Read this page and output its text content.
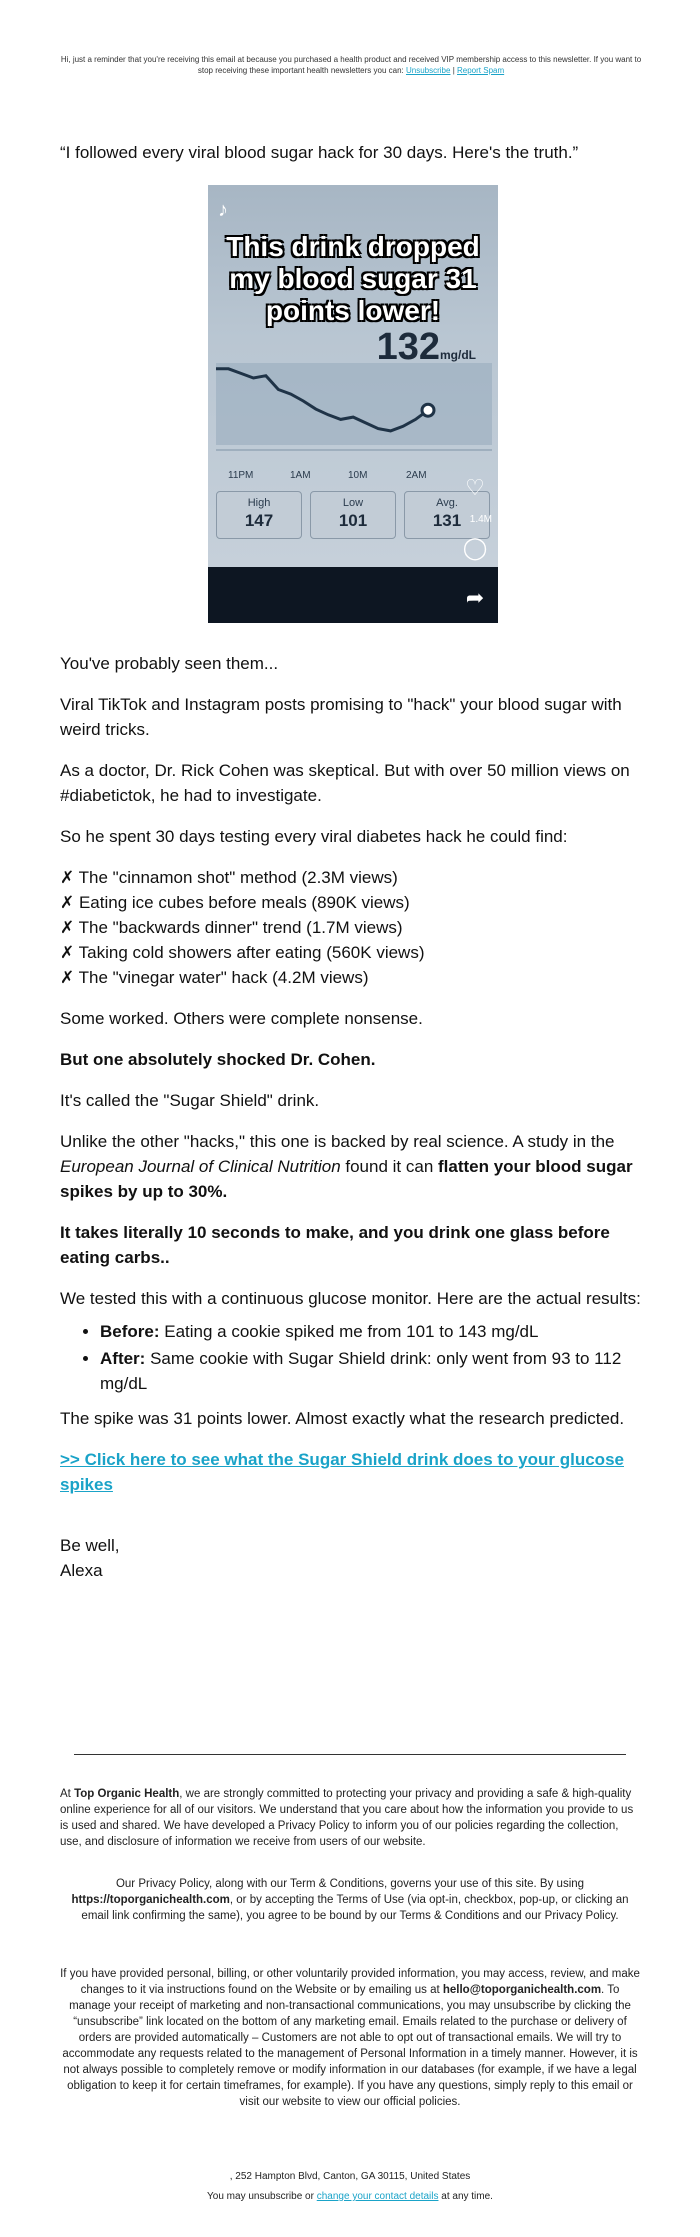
Hi, just a reminder that you're receiving this email at because you purchased a health product and received VIP membership access to this newsletter. If you want to stop receiving these important health newsletters you can: Unsubscribe | Report Spam

“I followed every viral blood sugar hack for 30 days. Here's the truth.”

♪
This drink dropped my blood sugar 31 points lower!
132mg/dL
11PM	1AM	10M	2AM
High
147
Low
101
Avg.
131
♡
1.4M
◯
➦

You've probably seen them...

Viral TikTok and Instagram posts promising to "hack" your blood sugar with weird tricks.

As a doctor, Dr. Rick Cohen was skeptical. But with over 50 million views on #diabetictok, he had to investigate.

So he spent 30 days testing every viral diabetes hack he could find:

✗ The "cinnamon shot" method (2.3M views)
✗ Eating ice cubes before meals (890K views)
✗ The "backwards dinner" trend (1.7M views)
✗ Taking cold showers after eating (560K views)
✗ The "vinegar water" hack (4.2M views)

Some worked. Others were complete nonsense.

But one absolutely shocked Dr. Cohen.

It's called the "Sugar Shield" drink.

Unlike the other "hacks," this one is backed by real science. A study in the European Journal of Clinical Nutrition found it can flatten your blood sugar spikes by up to 30%.

It takes literally 10 seconds to make, and you drink one glass before eating carbs..

We tested this with a continuous glucose monitor. Here are the actual results:

• Before: Eating a cookie spiked me from 101 to 143 mg/dL
• After: Same cookie with Sugar Shield drink: only went from 93 to 112 mg/dL

The spike was 31 points lower. Almost exactly what the research predicted.

>> Click here to see what the Sugar Shield drink does to your glucose spikes

Be well,

Alexa

At Top Organic Health, we are strongly committed to protecting your privacy and providing a safe & high-quality online experience for all of our visitors. We understand that you care about how the information you provide to us is used and shared. We have developed a Privacy Policy to inform you of our policies regarding the collection, use, and disclosure of information we receive from users of our website.
Our Privacy Policy, along with our Term & Conditions, governs your use of this site. By using https://toporganichealth.com, or by accepting the Terms of Use (via opt-in, checkbox, pop-up, or clicking an email link confirming the same), you agree to be bound by our Terms & Conditions and our Privacy Policy.
If you have provided personal, billing, or other voluntarily provided information, you may access, review, and make changes to it via instructions found on the Website or by emailing us at hello@toporganichealth.com. To manage your receipt of marketing and non-transactional communications, you may unsubscribe by clicking the “unsubscribe” link located on the bottom of any marketing email. Emails related to the purchase or delivery of orders are provided automatically – Customers are not able to opt out of transactional emails. We will try to accommodate any requests related to the management of Personal Information in a timely manner. However, it is not always possible to completely remove or modify information in our databases (for example, if we have a legal obligation to keep it for certain timeframes, for example). If you have any questions, simply reply to this email or visit our website to view our official policies.
, 252 Hampton Blvd, Canton, GA 30115, United States
You may unsubscribe or change your contact details at any time.
